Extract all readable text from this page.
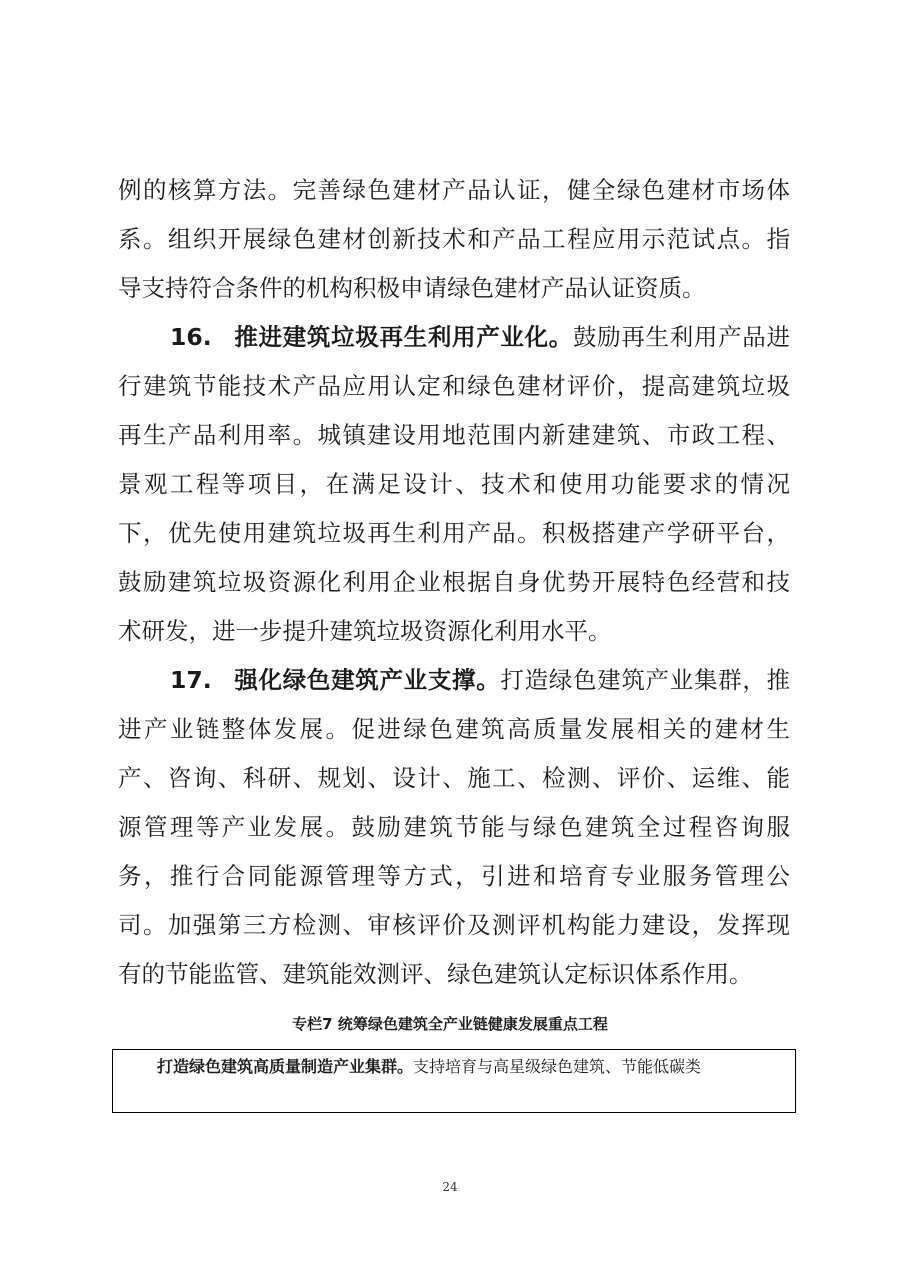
例的核算方法。完善绿色建材产品认证，健全绿色建材市场体
系。组织开展绿色建材创新技术和产品工程应用示范试点。指
导支持符合条件的机构积极申请绿色建材产品认证资质。
16. 推进建筑垃圾再生利用产业化。鼓励再生利用产品进
行建筑节能技术产品应用认定和绿色建材评价，提高建筑垃圾
再生产品利用率。城镇建设用地范围内新建建筑、市政工程、
景观工程等项目，在满足设计、技术和使用功能要求的情况
下，优先使用建筑垃圾再生利用产品。积极搭建产学研平台，
鼓励建筑垃圾资源化利用企业根据自身优势开展特色经营和技
术研发，进一步提升建筑垃圾资源化利用水平。
17. 强化绿色建筑产业支撑。打造绿色建筑产业集群，推
进产业链整体发展。促进绿色建筑高质量发展相关的建材生
产、咨询、科研、规划、设计、施工、检测、评价、运维、能
源管理等产业发展。鼓励建筑节能与绿色建筑全过程咨询服
务，推行合同能源管理等方式，引进和培育专业服务管理公
司。加强第三方检测、审核评价及测评机构能力建设，发挥现
有的节能监管、建筑能效测评、绿色建筑认定标识体系作用。
专栏7 统筹绿色建筑全产业链健康发展重点工程
打造绿色建筑高质量制造产业集群。支持培育与高星级绿色建筑、节能低碳类
24
